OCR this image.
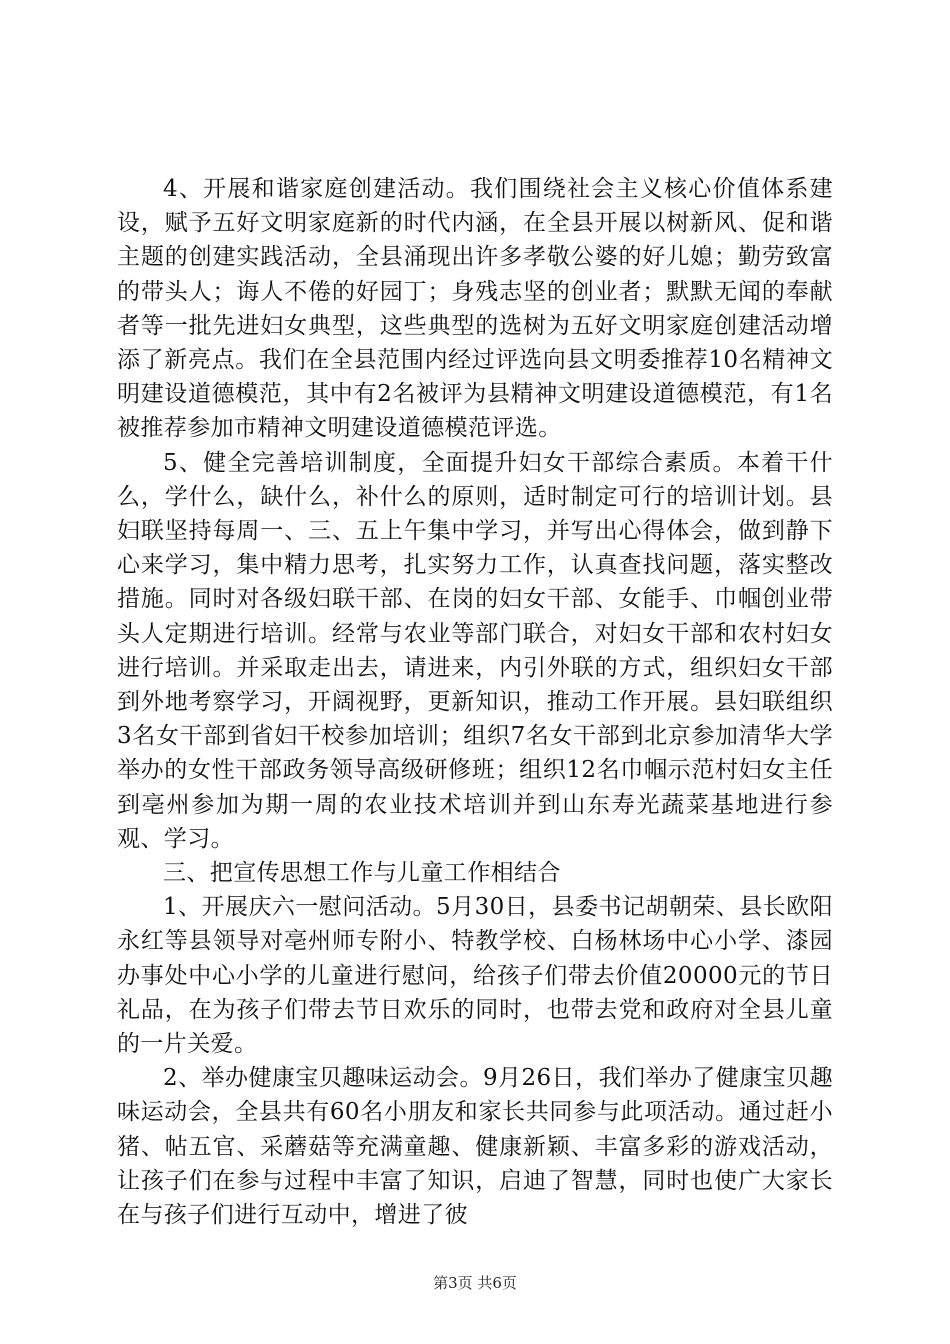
4、开展和谐家庭创建活动。我们围绕社会主义核心价值体系建设，赋予五好文明家庭新的时代内涵，在全县开展以树新风、促和谐主题的创建实践活动，全县涌现出许多孝敬公婆的好儿媳；勤劳致富的带头人；诲人不倦的好园丁；身残志坚的创业者；默默无闻的奉献者等一批先进妇女典型，这些典型的选树为五好文明家庭创建活动增添了新亮点。我们在全县范围内经过评选向县文明委推荐10名精神文明建设道德模范，其中有2名被评为县精神文明建设道德模范，有1名被推荐参加市精神文明建设道德模范评选。

5、健全完善培训制度，全面提升妇女干部综合素质。本着干什么，学什么，缺什么，补什么的原则，适时制定可行的培训计划。县妇联坚持每周一、三、五上午集中学习，并写出心得体会，做到静下心来学习，集中精力思考，扎实努力工作，认真查找问题，落实整改措施。同时对各级妇联干部、在岗的妇女干部、女能手、巾帼创业带头人定期进行培训。经常与农业等部门联合，对妇女干部和农村妇女进行培训。并采取走出去，请进来，内引外联的方式，组织妇女干部到外地考察学习，开阔视野，更新知识，推动工作开展。县妇联组织3名女干部到省妇干校参加培训；组织7名女干部到北京参加清华大学举办的女性干部政务领导高级研修班；组织12名巾帼示范村妇女主任到亳州参加为期一周的农业技术培训并到山东寿光蔬菜基地进行参观、学习。

三、把宣传思想工作与儿童工作相结合

1、开展庆六一慰问活动。5月30日，县委书记胡朝荣、县长欧阳永红等县领导对亳州师专附小、特教学校、白杨林场中心小学、漆园办事处中心小学的儿童进行慰问，给孩子们带去价值20000元的节日礼品，在为孩子们带去节日欢乐的同时，也带去党和政府对全县儿童的一片关爱。

2、举办健康宝贝趣味运动会。9月26日，我们举办了健康宝贝趣味运动会，全县共有60名小朋友和家长共同参与此项活动。通过赶小猪、帖五官、采蘑菇等充满童趣、健康新颖、丰富多彩的游戏活动，让孩子们在参与过程中丰富了知识，启迪了智慧，同时也使广大家长在与孩子们进行互动中，增进了彼

第3页 共6页
